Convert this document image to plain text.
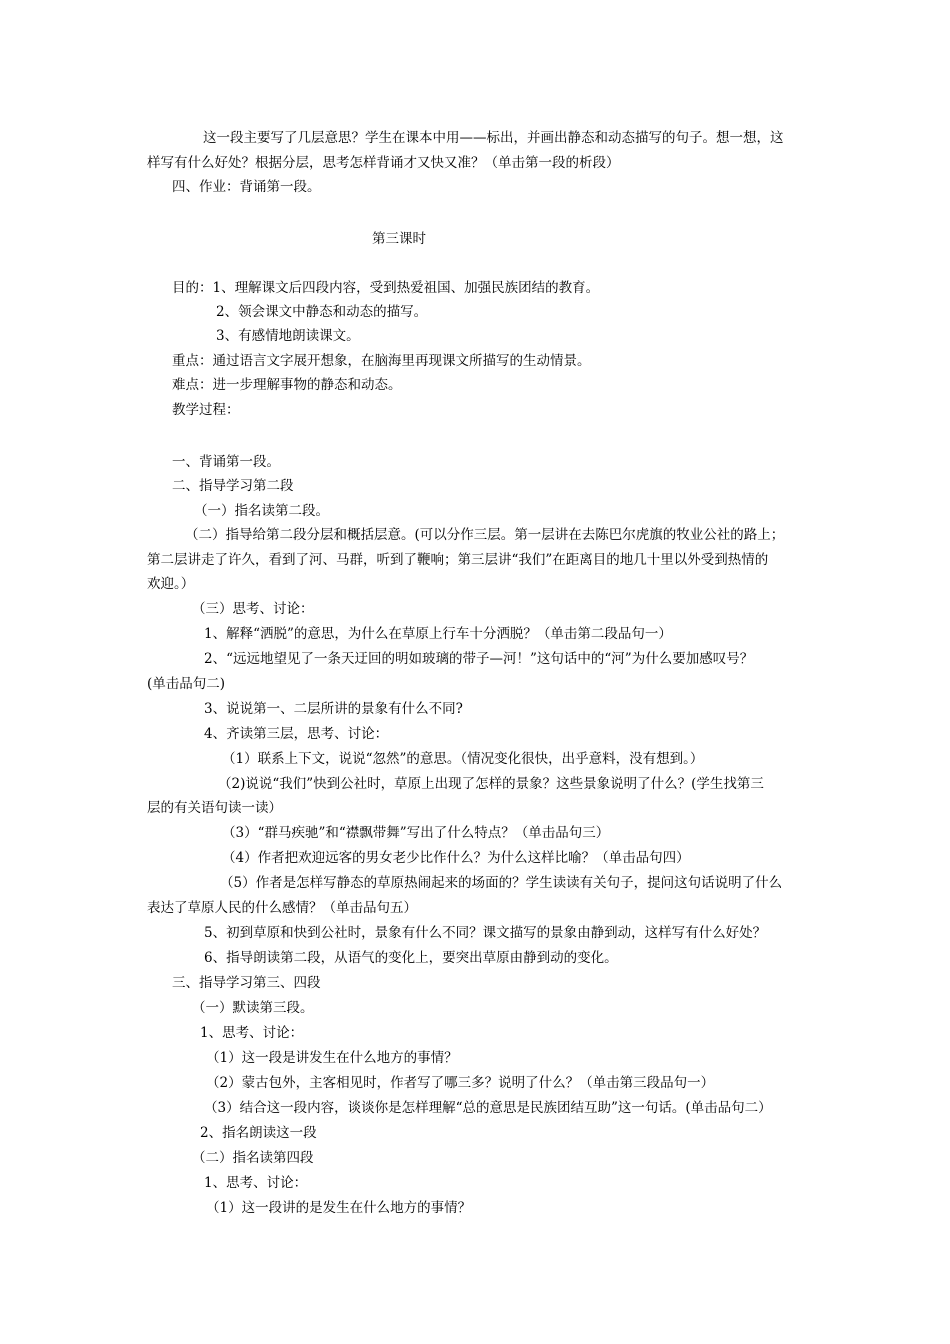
这一段主要写了几层意思？学生在课本中用——标出，并画出静态和动态描写的句子。想一想，这
样写有什么好处？根据分层，思考怎样背诵才又快又准？（单击第一段的析段）
四、作业：背诵第一段。
第三课时
目的：1、理解课文后四段内容，受到热爱祖国、加强民族团结的教育。
2、领会课文中静态和动态的描写。
3、有感情地朗读课文。
重点：通过语言文字展开想象，在脑海里再现课文所描写的生动情景。
难点：进一步理解事物的静态和动态。
教学过程：
一、背诵第一段。
二、指导学习第二段
（一）指名读第二段。
（二）指导给第二段分层和概括层意。(可以分作三层。第一层讲在去陈巴尔虎旗的牧业公社的路上；
第二层讲走了许久，看到了河、马群，听到了鞭响；第三层讲“我们”在距离目的地几十里以外受到热情的
欢迎。）
（三）思考、讨论：
1、解释“洒脱”的意思，为什么在草原上行车十分洒脱？（单击第二段品句一）
2、“远远地望见了一条天迂回的明如玻璃的带子—河！”这句话中的“河”为什么要加感叹号？
(单击品句二)
3、说说第一、二层所讲的景象有什么不同?
4、齐读第三层，思考、讨论：
（1）联系上下文，说说“忽然”的意思。（情况变化很快，出乎意料，没有想到。）
（2)说说“我们”快到公社时，草原上出现了怎样的景象？这些景象说明了什么？(学生找第三
层的有关语句读一读）
（3）“群马疾驰”和“襟飘带舞”写出了什么特点？（单击品句三）
（4）作者把欢迎远客的男女老少比作什么？为什么这样比喻？（单击品句四）
（5）作者是怎样写静态的草原热闹起来的场面的？学生读读有关句子，提问这句话说明了什么
表达了草原人民的什么感情？（单击品句五）
5、初到草原和快到公社时，景象有什么不同？课文描写的景象由静到动，这样写有什么好处？
6、指导朗读第二段，从语气的变化上，要突出草原由静到动的变化。
三、指导学习第三、四段
（一）默读第三段。
1、思考、讨论：
（1）这一段是讲发生在什么地方的事情？
（2）蒙古包外，主客相见时，作者写了哪三多？说明了什么？（单击第三段品句一）
（3）结合这一段内容，谈谈你是怎样理解“总的意思是民族团结互助”这一句话。(单击品句二）
2、指名朗读这一段
（二）指名读第四段
1、思考、讨论：
（1）这一段讲的是发生在什么地方的事情？
